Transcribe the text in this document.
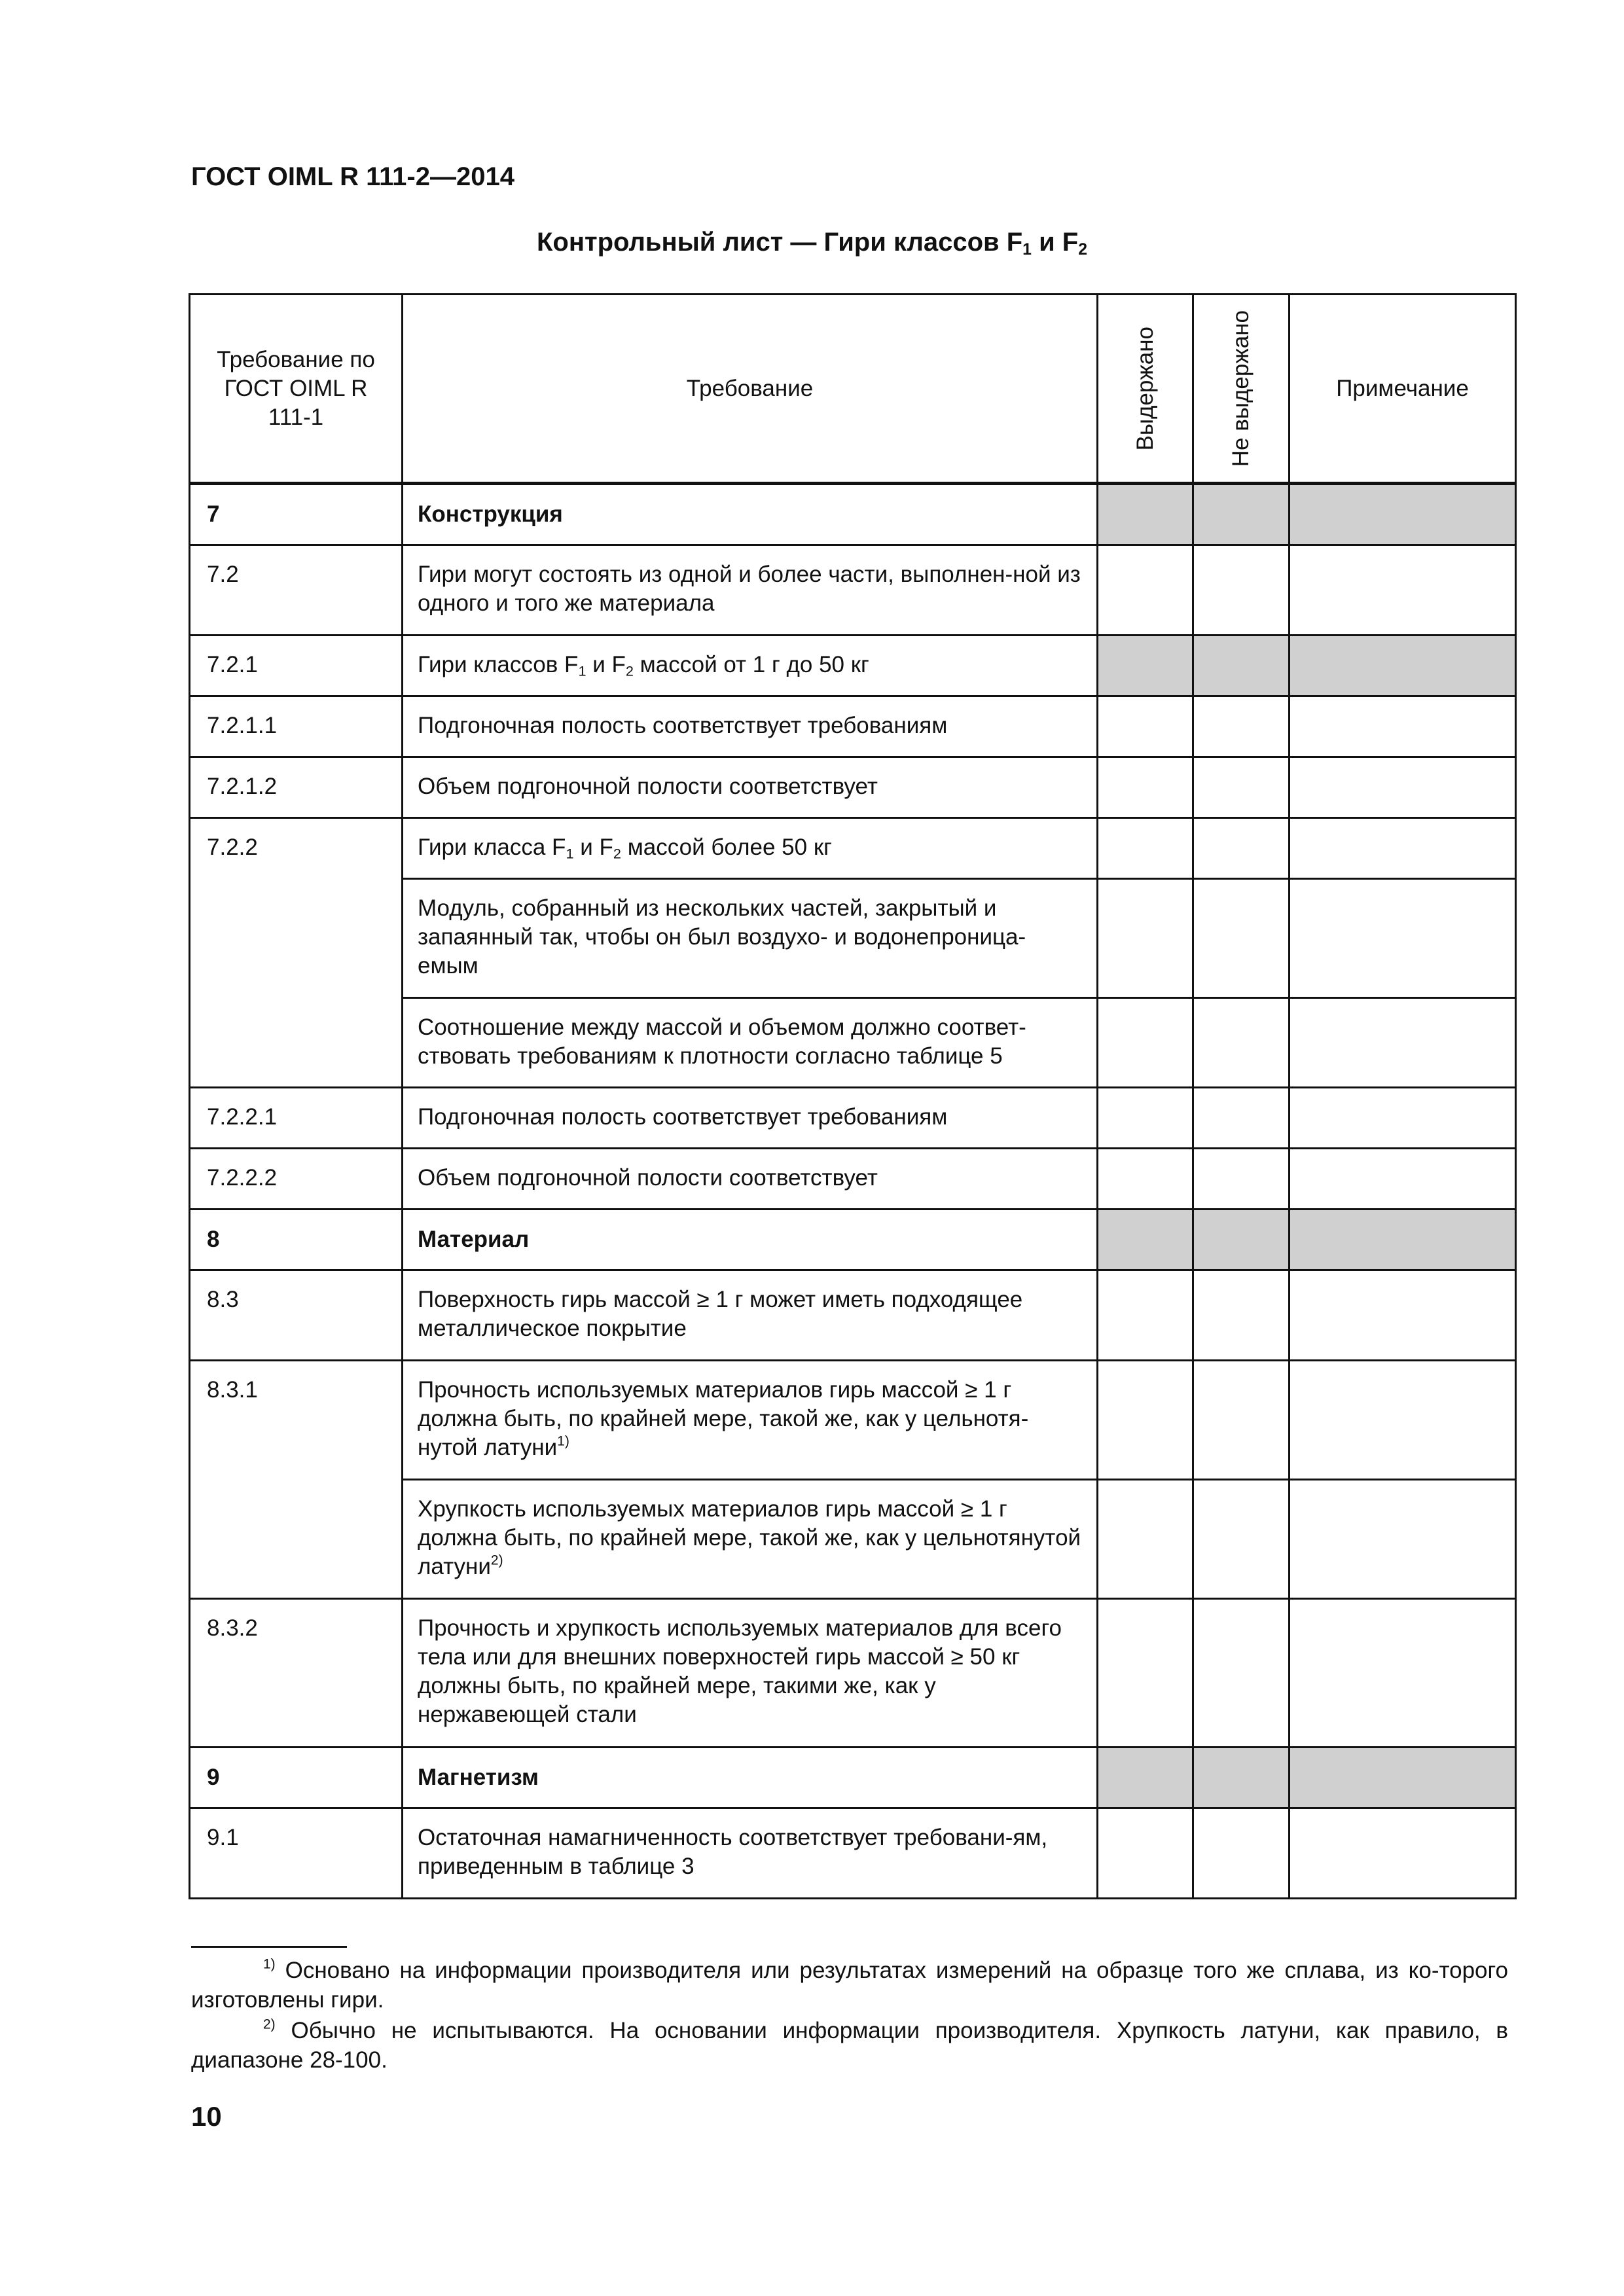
ГОСТ OIML R 111-2—2014
Контрольный лист — Гири классов $F_1$ и $F_2$
Требование по ГОСТ OIML R 111-1	Требование	Выдержано	Не выдержано	Примечание
7	Конструкция			
7.2	Гири могут состоять из одной и более части, выполнен-ной из одного и того же материала			
7.2.1	Гири классов $F_1$ и $F_2$ массой от 1 г до 50 кг			
7.2.1.1	Подгоночная полость соответствует требованиям			
7.2.1.2	Объем подгоночной полости соответствует			
7.2.2	Гири класса $F_1$ и $F_2$ массой более 50 кг			
	Модуль, собранный из нескольких частей, закрытый и запаянный так, чтобы он был воздухо- и водонепроница-емым			
	Соотношение между массой и объемом должно соответ-ствовать требованиям к плотности согласно таблице 5			
7.2.2.1	Подгоночная полость соответствует требованиям			
7.2.2.2	Объем подгоночной полости соответствует			
8	Материал			
8.3	Поверхность гирь массой ≥ 1 г может иметь подходящее металлическое покрытие			
8.3.1	Прочность используемых материалов гирь массой ≥ 1 г должна быть, по крайней мере, такой же, как у цельнотя-нутой латуни$^{1)}$			
	Хрупкость используемых материалов гирь массой ≥ 1 г должна быть, по крайней мере, такой же, как у цельнотянутой латуни$^{2)}$			
8.3.2	Прочность и хрупкость используемых материалов для всего тела или для внешних поверхностей гирь массой ≥ 50 кг должны быть, по крайней мере, такими же, как у нержавеющей стали			
9	Магнетизм			
9.1	Остаточная намагниченность соответствует требовани-ям, приведенным в таблице 3			
$^{1)}$ Основано на информации производителя или результатах измерений на образце того же сплава, из ко-торого изготовлены гири.
$^{2)}$ Обычно не испытываются. На основании информации производителя. Хрупкость латуни, как правило, в диапазоне 28-100.
10
